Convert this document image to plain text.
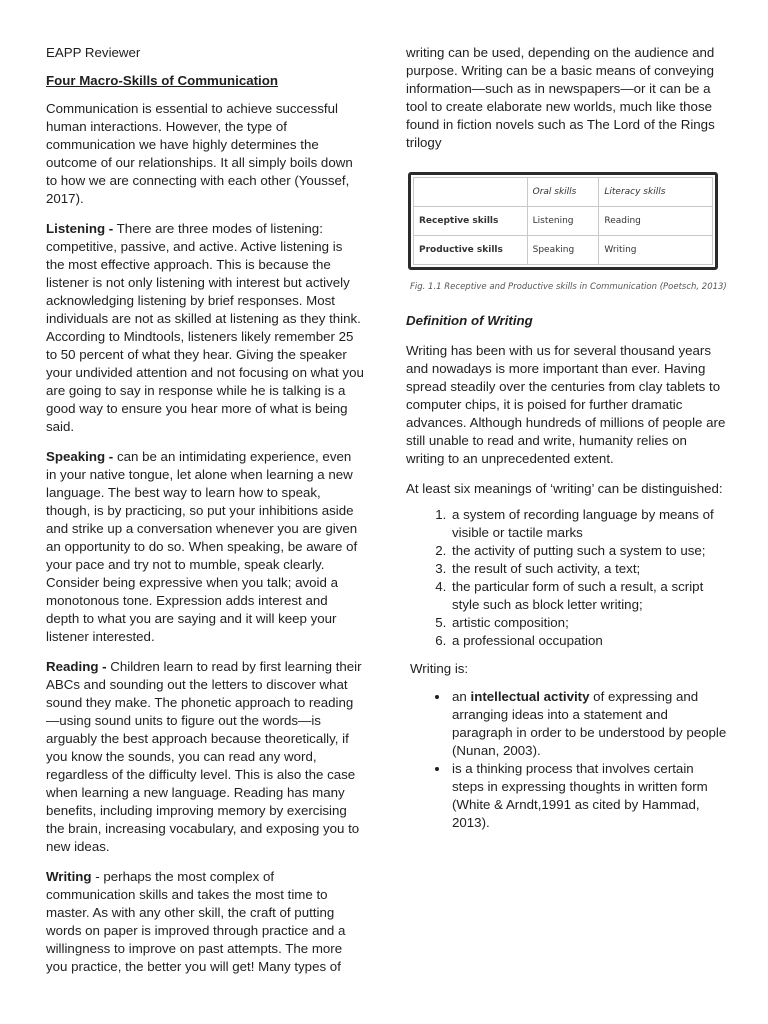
EAPP Reviewer

Four Macro-Skills of Communication

Communication is essential to achieve successful human interactions. However, the type of communication we have highly determines the outcome of our relationships. It all simply boils down to how we are connecting with each other (Youssef, 2017).

Listening - There are three modes of listening: competitive, passive, and active. Active listening is the most effective approach. This is because the listener is not only listening with interest but actively acknowledging listening by brief responses. Most individuals are not as skilled at listening as they think. According to Mindtools, listeners likely remember 25 to 50 percent of what they hear. Giving the speaker your undivided attention and not focusing on what you are going to say in response while he is talking is a good way to ensure you hear more of what is being said.

Speaking - can be an intimidating experience, even in your native tongue, let alone when learning a new language. The best way to learn how to speak, though, is by practicing, so put your inhibitions aside and strike up a conversation whenever you are given an opportunity to do so. When speaking, be aware of your pace and try not to mumble, speak clearly. Consider being expressive when you talk; avoid a monotonous tone. Expression adds interest and depth to what you are saying and it will keep your listener interested.

Reading - Children learn to read by first learning their ABCs and sounding out the letters to discover what sound they make. The phonetic approach to reading—using sound units to figure out the words—is arguably the best approach because theoretically, if you know the sounds, you can read any word, regardless of the difficulty level. This is also the case when learning a new language. Reading has many benefits, including improving memory by exercising the brain, increasing vocabulary, and exposing you to new ideas.

Writing - perhaps the most complex of communication skills and takes the most time to master. As with any other skill, the craft of putting words on paper is improved through practice and a willingness to improve on past attempts. The more you practice, the better you will get! Many types of

writing can be used, depending on the audience and purpose. Writing can be a basic means of conveying information—such as in newspapers—or it can be a tool to create elaborate new worlds, much like those found in fiction novels such as The Lord of the Rings trilogy

	Oral skills	Literacy skills
Receptive skills	Listening	Reading
Productive skills	Speaking	Writing
Fig. 1.1 Receptive and Productive skills in Communication (Poetsch, 2013)

Definition of Writing

Writing has been with us for several thousand years and nowadays is more important than ever. Having spread steadily over the centuries from clay tablets to computer chips, it is poised for further dramatic advances. Although hundreds of millions of people are still unable to read and write, humanity relies on writing to an unprecedented extent.

At least six meanings of ‘writing’ can be distinguished:

1. a system of recording language by means of visible or tactile marks
2. the activity of putting such a system to use;
3. the result of such activity, a text;
4. the particular form of such a result, a script style such as block letter writing;
5. artistic composition;
6. a professional occupation

Writing is:

• an intellectual activity of expressing and arranging ideas into a statement and paragraph in order to be understood by people (Nunan, 2003).
• is a thinking process that involves certain steps in expressing thoughts in written form (White & Arndt,1991 as cited by Hammad, 2013).
